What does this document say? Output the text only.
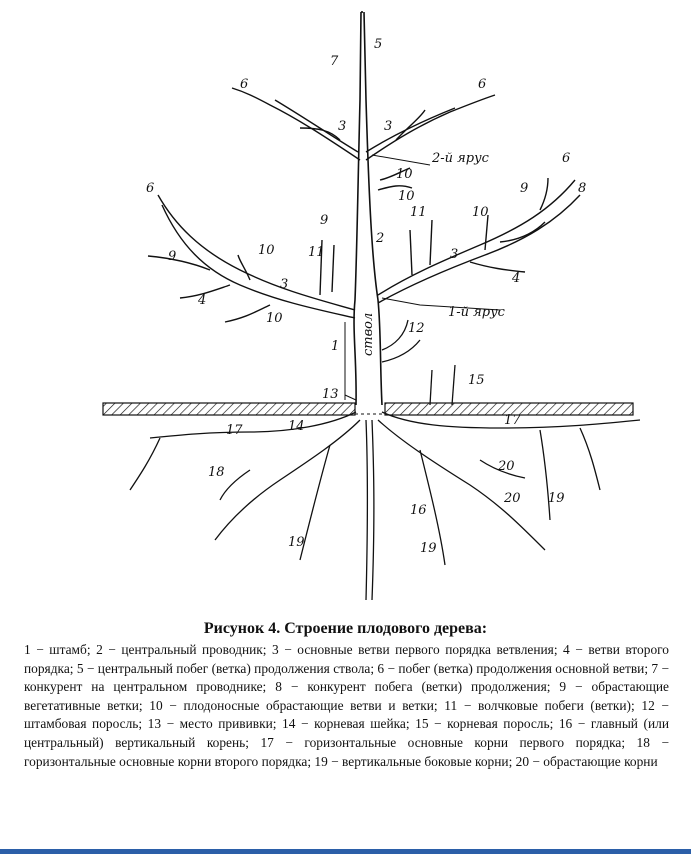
5
7
6	6
3	3
2-й ярус	6
10
9	8
6
10
11	10
9
2
10	11	3
9
3	4
4
1-й ярус
10	ствол 12
1
15
13
17	14	17
18	20
20 19
16
19	19
Рисунок 4. Строение плодового дерева:
1 − штамб; 2 − центральный проводник; 3 − основные ветви первого порядка ветвления; 4 − ветви второго порядка; 5 − центральный побег (ветка) продолжения ствола; 6 − побег (ветка) продолжения основной ветви; 7 − конкурент на центральном проводнике; 8 − конкурент побега (ветки) продолжения; 9 − обрастающие вегетативные ветки; 10 − плодоносные обрастающие ветви и ветки; 11 − волчковые побеги (ветки); 12 − штамбовая поросль; 13 − место прививки; 14 − корневая шейка; 15 − корневая поросль; 16 − главный (или центральный) вертикальный корень; 17 − горизонтальные основные корни первого порядка; 18 − горизонтальные основные корни второго порядка; 19 − вертикальные боковые корни; 20 − обрастающие корни
